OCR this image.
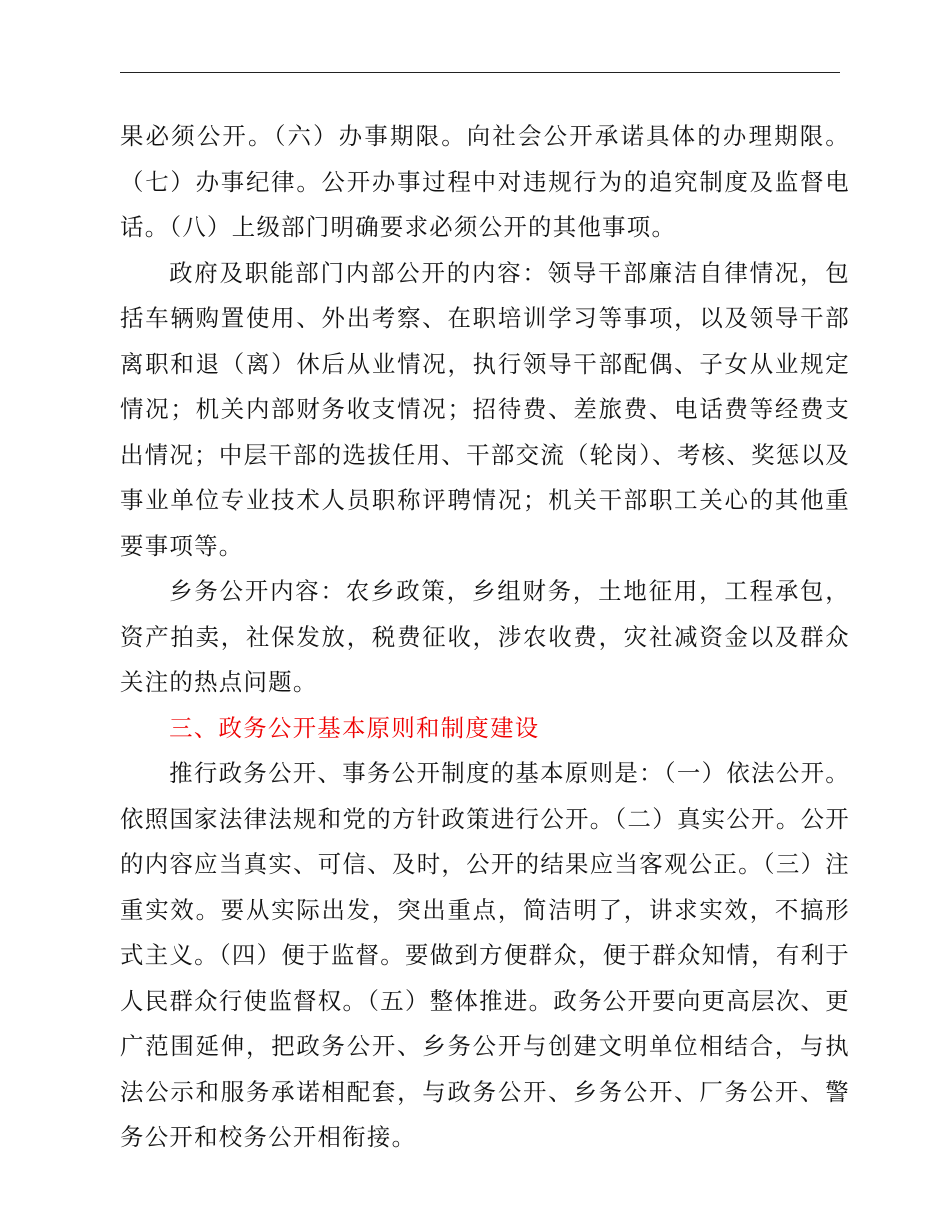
果必须公开。（六）办事期限。向社会公开承诺具体的办理期限。（七）办事纪律。公开办事过程中对违规行为的追究制度及监督电话。（八）上级部门明确要求必须公开的其他事项。

政府及职能部门内部公开的内容：领导干部廉洁自律情况，包括车辆购置使用、外出考察、在职培训学习等事项，以及领导干部离职和退（离）休后从业情况，执行领导干部配偶、子女从业规定情况；机关内部财务收支情况；招待费、差旅费、电话费等经费支出情况；中层干部的选拔任用、干部交流（轮岗）、考核、奖惩以及事业单位专业技术人员职称评聘情况；机关干部职工关心的其他重要事项等。

乡务公开内容：农乡政策，乡组财务，土地征用，工程承包，资产拍卖，社保发放，税费征收，涉农收费，灾社减资金以及群众关注的热点问题。

三、政务公开基本原则和制度建设

推行政务公开、事务公开制度的基本原则是：（一）依法公开。依照国家法律法规和党的方针政策进行公开。（二）真实公开。公开的内容应当真实、可信、及时，公开的结果应当客观公正。（三）注重实效。要从实际出发，突出重点，简洁明了，讲求实效，不搞形式主义。（四）便于监督。要做到方便群众，便于群众知情，有利于人民群众行使监督权。（五）整体推进。政务公开要向更高层次、更广范围延伸，把政务公开、乡务公开与创建文明单位相结合，与执法公示和服务承诺相配套，与政务公开、乡务公开、厂务公开、警务公开和校务公开相衔接。
